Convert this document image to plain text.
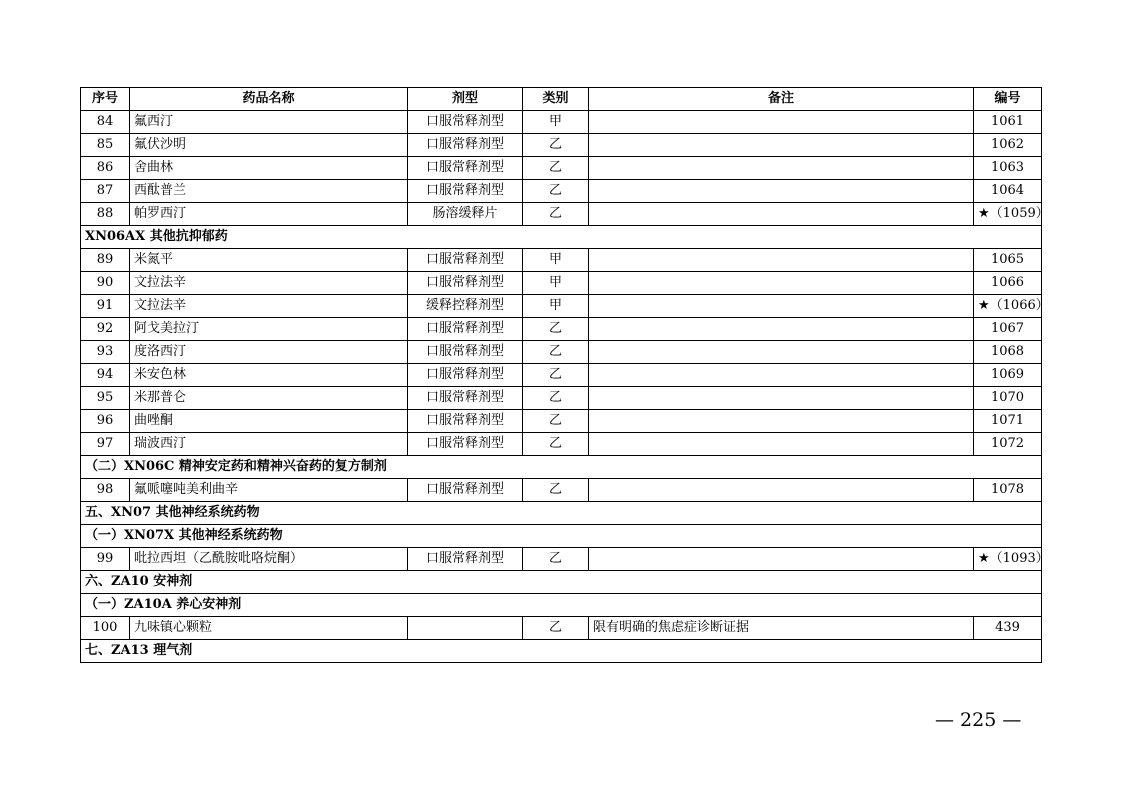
序号	药品名称	剂型	类别	备注	编号
84	氟西汀	口服常释剂型	甲		1061
85	氟伏沙明	口服常释剂型	乙		1062
86	舍曲林	口服常释剂型	乙		1063
87	西酞普兰	口服常释剂型	乙		1064
88	帕罗西汀	肠溶缓释片	乙		★（1059）
XN06AX 其他抗抑郁药					
89	米氮平	口服常释剂型	甲		1065
90	文拉法辛	口服常释剂型	甲		1066
91	文拉法辛	缓释控释剂型	甲		★（1066）
92	阿戈美拉汀	口服常释剂型	乙		1067
93	度洛西汀	口服常释剂型	乙		1068
94	米安色林	口服常释剂型	乙		1069
95	米那普仑	口服常释剂型	乙		1070
96	曲唑酮	口服常释剂型	乙		1071
97	瑞波西汀	口服常释剂型	乙		1072
（二）XN06C 精神安定药和精神兴奋药的复方制剂					
98	氟哌噻吨美利曲辛	口服常释剂型	乙		1078
五、XN07 其他神经系统药物					
（一）XN07X 其他神经系统药物					
99	吡拉西坦（乙酰胺吡咯烷酮）	口服常释剂型	乙		★（1093）
六、ZA10 安神剂					
（一）ZA10A 养心安神剂					
100	九味镇心颗粒		乙	限有明确的焦虑症诊断证据	439
七、ZA13 理气剂					
— 225 —
